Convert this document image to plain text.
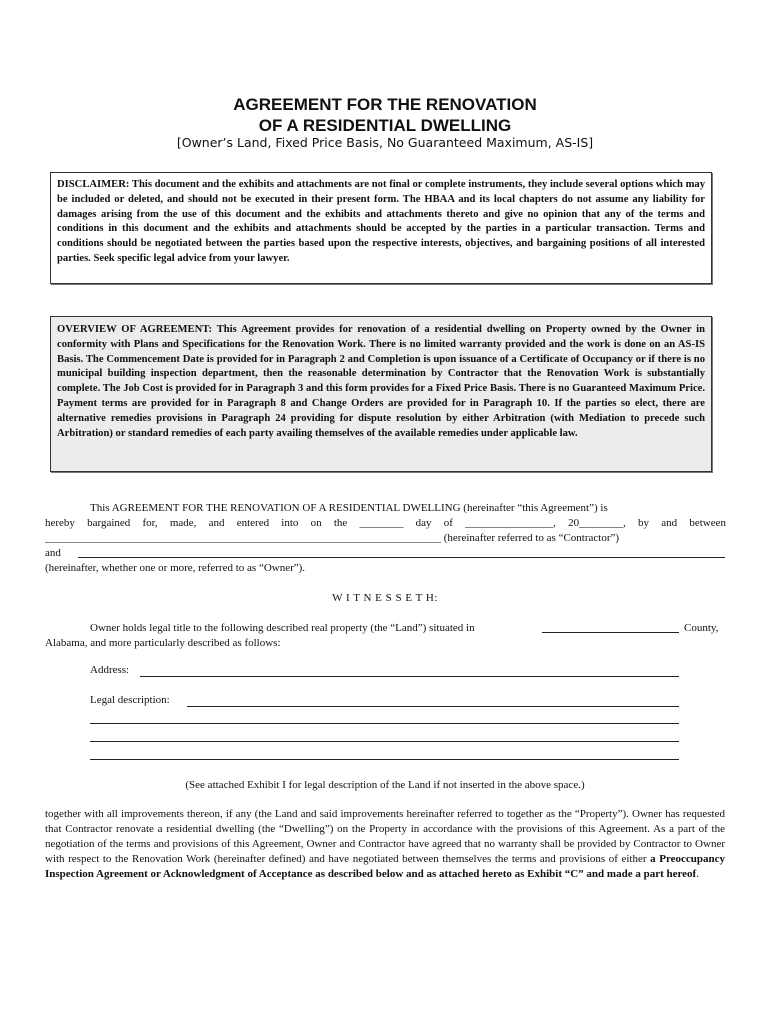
AGREEMENT FOR THE RENOVATION
OF A RESIDENTIAL DWELLING
[Owner’s Land, Fixed Price Basis, No Guaranteed Maximum, AS-IS]
DISCLAIMER: This document and the exhibits and attachments are not final or complete instruments, they include several options which may be included or deleted, and should not be executed in their present form. The HBAA and its local chapters do not assume any liability for damages arising from the use of this document and the exhibits and attachments thereto and give no opinion that any of the terms and conditions in this document and the exhibits and attachments should be accepted by the parties in a particular transaction. Terms and conditions should be negotiated between the parties based upon the respective interests, objectives, and bargaining positions of all interested parties. Seek specific legal advice from your lawyer.
OVERVIEW OF AGREEMENT: This Agreement provides for renovation of a residential dwelling on Property owned by the Owner in conformity with Plans and Specifications for the Renovation Work. There is no limited warranty provided and the work is done on an AS-IS Basis. The Commencement Date is provided for in Paragraph 2 and Completion is upon issuance of a Certificate of Occupancy or if there is no municipal building inspection department, then the reasonable determination by Contractor that the Renovation Work is substantially complete. The Job Cost is provided for in Paragraph 3 and this form provides for a Fixed Price Basis. There is no Guaranteed Maximum Price. Payment terms are provided for in Paragraph 8 and Change Orders are provided for in Paragraph 10. If the parties so elect, there are alternative remedies provisions in Paragraph 24 providing for dispute resolution by either Arbitration (with Mediation to precede such Arbitration) or standard remedies of each party availing themselves of the available remedies under applicable law.
This AGREEMENT FOR THE RENOVATION OF A RESIDENTIAL DWELLING (hereinafter “this Agreement”) is
hereby bargained for, made, and entered into on the ________ day of ________________, 20________, by and between
________________________________________________________________________ (hereinafter referred to as “Contractor”)
and
(hereinafter, whether one or more, referred to as “Owner”).
W I T N E S S E T H:
Owner holds legal title to the following described real property (the “Land”) situated in	County,
Alabama, and more particularly described as follows:
Address:
Legal description:
(See attached Exhibit I for legal description of the Land if not inserted in the above space.)
together with all improvements thereon, if any (the Land and said improvements hereinafter referred to together as the “Property”). Owner has requested that Contractor renovate a residential dwelling (the “Dwelling”) on the Property in accordance with the provisions of this Agreement. As a part of the negotiation of the terms and provisions of this Agreement, Owner and Contractor have agreed that no warranty shall be provided by Contractor to Owner with respect to the Renovation Work (hereinafter defined) and have negotiated between themselves the terms and provisions of either a Preoccupancy Inspection Agreement or Acknowledgment of Acceptance as described below and as attached hereto as Exhibit “C” and made a part hereof.
